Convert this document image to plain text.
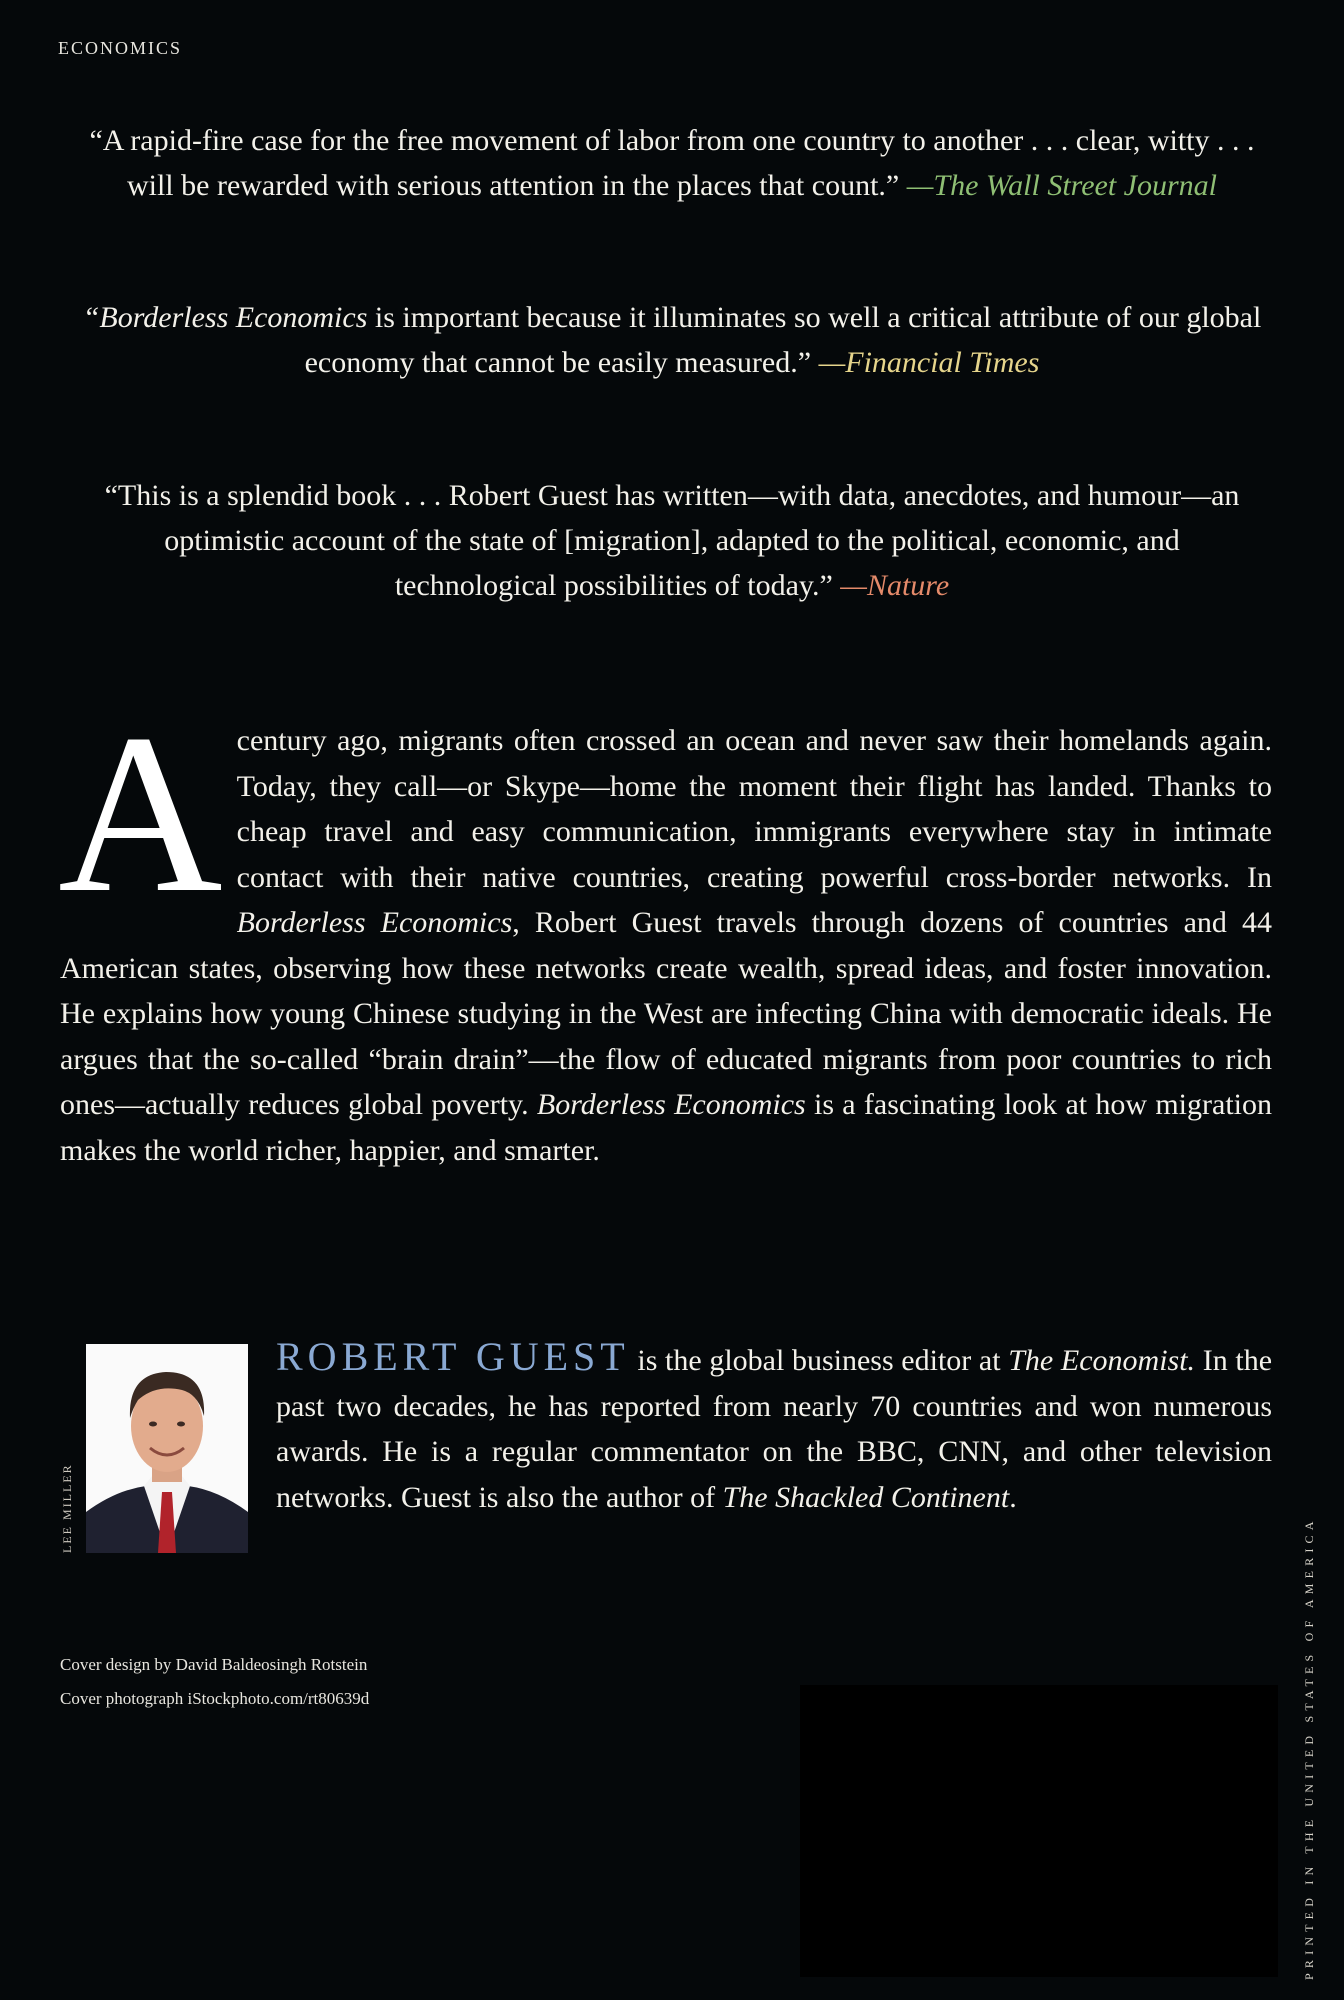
ECONOMICS
“A rapid-fire case for the free movement of labor from one country to another . . . clear, witty . . . will be rewarded with serious attention in the places that count.” —The Wall Street Journal
“Borderless Economics is important because it illuminates so well a critical attribute of our global economy that cannot be easily measured.” —Financial Times
“This is a splendid book . . . Robert Guest has written—with data, anecdotes, and humour—an optimistic account of the state of [migration], adapted to the political, economic, and technological possibilities of today.” —Nature
Acentury ago, migrants often crossed an ocean and never saw their homelands again. Today, they call—or Skype—home the moment their flight has landed. Thanks to cheap travel and easy communication, immigrants everywhere stay in intimate contact with their native countries, creating powerful cross-border networks. In Borderless Economics, Robert Guest travels through dozens of countries and 44 American states, observing how these networks create wealth, spread ideas, and foster innovation. He explains how young Chinese studying in the West are infecting China with democratic ideals. He argues that the so-called “brain drain”—the flow of educated migrants from poor countries to rich ones—actually reduces global poverty. Borderless Economics is a fascinating look at how migration makes the world richer, happier, and smarter.
LEE MILLER
ROBERT GUEST is the global business editor at The Economist. In the past two decades, he has reported from nearly 70 countries and won numerous awards. He is a regular commentator on the BBC, CNN, and other television networks. Guest is also the author of The Shackled Continent.
Cover design by David Baldeosingh Rotstein
Cover photograph iStockphoto.com/rt80639d	PRINTED IN THE UNITED STATES OF AMERICA
